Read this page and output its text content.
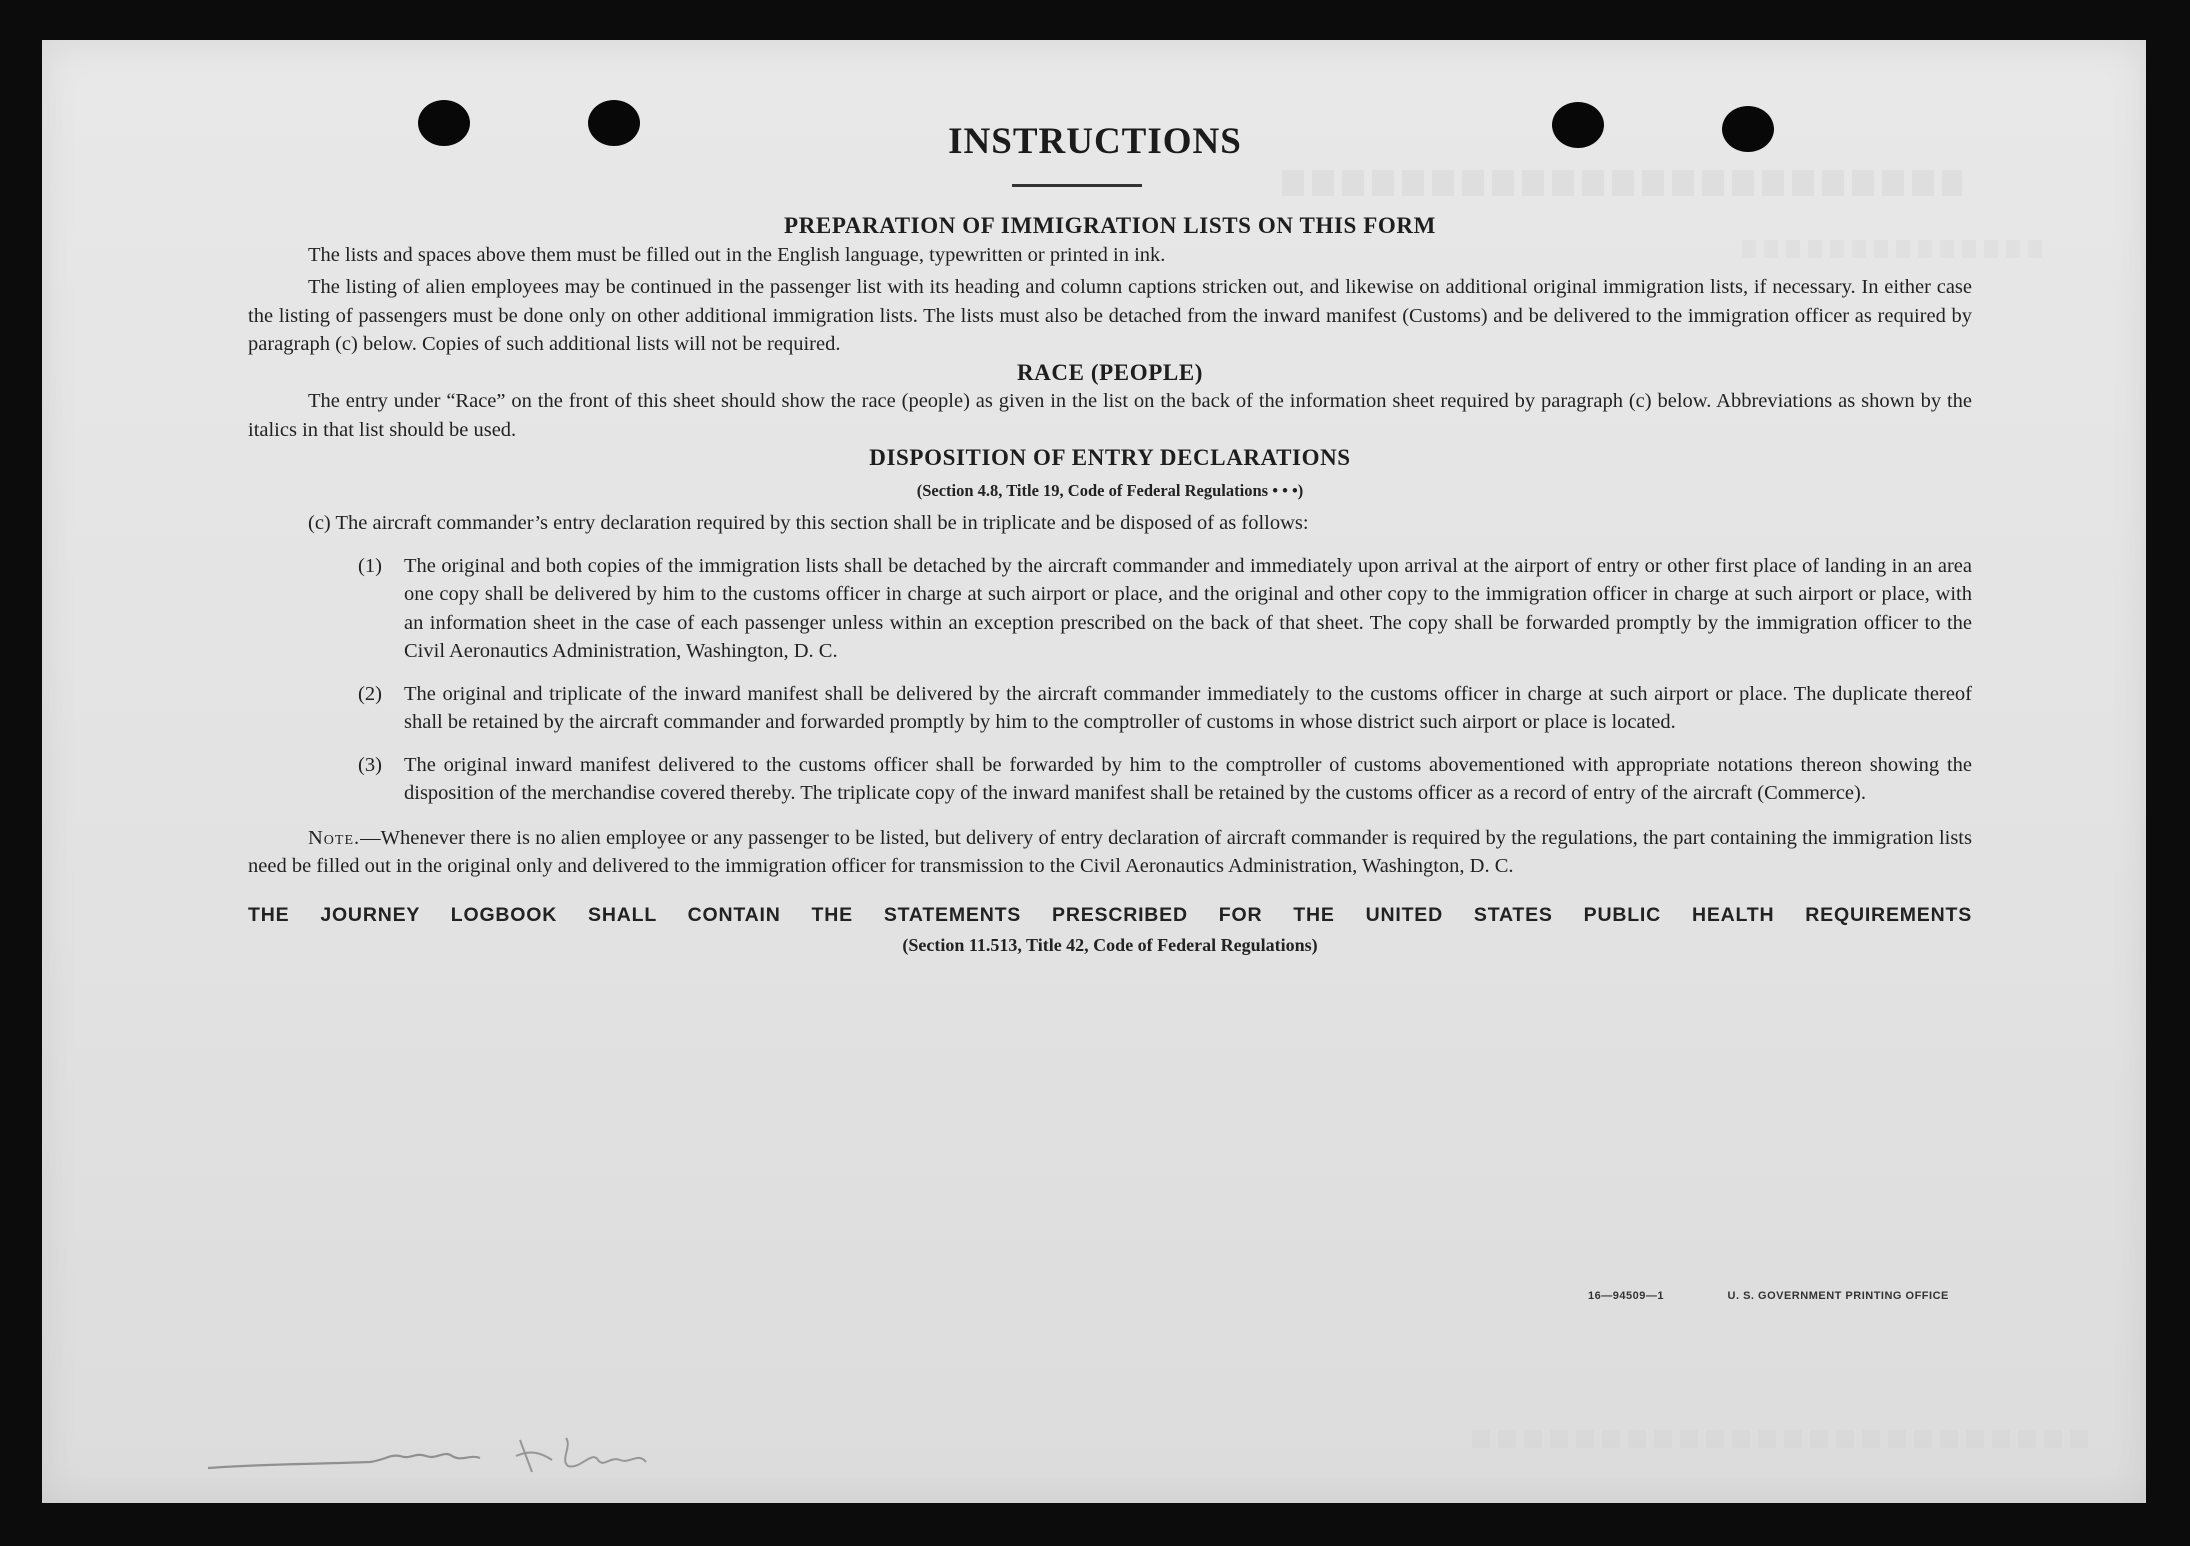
INSTRUCTIONS
PREPARATION OF IMMIGRATION LISTS ON THIS FORM

The lists and spaces above them must be filled out in the English language, typewritten or printed in ink.

The listing of alien employees may be continued in the passenger list with its heading and column captions stricken out, and likewise on additional original immigration lists, if necessary. In either case the listing of passengers must be done only on other additional immigration lists. The lists must also be detached from the inward manifest (Customs) and be delivered to the immigration officer as required by paragraph (c) below. Copies of such additional lists will not be required.

RACE (PEOPLE)

The entry under “Race” on the front of this sheet should show the race (people) as given in the list on the back of the information sheet required by paragraph (c) below. Abbreviations as shown by the italics in that list should be used.

DISPOSITION OF ENTRY DECLARATIONS
(Section 4.8, Title 19, Code of Federal Regulations • • •)

(c) The aircraft commander’s entry declaration required by this section shall be in triplicate and be disposed of as follows:

(1)	The original and both copies of the immigration lists shall be detached by the aircraft commander and immediately upon arrival at the airport of entry or other first place of landing in an area one copy shall be delivered by him to the customs officer in charge at such airport or place, and the original and other copy to the immigration officer in charge at such airport or place, with an information sheet in the case of each passenger unless within an exception prescribed on the back of that sheet. The copy shall be forwarded promptly by the immigration officer to the Civil Aeronautics Administration, Washington, D. C.
(2)	The original and triplicate of the inward manifest shall be delivered by the aircraft commander immediately to the customs officer in charge at such airport or place. The duplicate thereof shall be retained by the aircraft commander and forwarded promptly by him to the comptroller of customs in whose district such airport or place is located.
(3)	The original inward manifest delivered to the customs officer shall be forwarded by him to the comptroller of customs abovementioned with appropriate notations thereon showing the disposition of the merchandise covered thereby. The triplicate copy of the inward manifest shall be retained by the customs officer as a record of entry of the aircraft (Commerce).

Note.—Whenever there is no alien employee or any passenger to be listed, but delivery of entry declaration of aircraft commander is required by the regulations, the part containing the immigration lists need be filled out in the original only and delivered to the immigration officer for transmission to the Civil Aeronautics Administration, Washington, D. C.

THE JOURNEY LOGBOOK SHALL CONTAIN THE STATEMENTS PRESCRIBED FOR THE UNITED STATES PUBLIC HEALTH REQUIREMENTS
(Section 11.513, Title 42, Code of Federal Regulations)
16—94509—1	U. S. GOVERNMENT PRINTING OFFICE
